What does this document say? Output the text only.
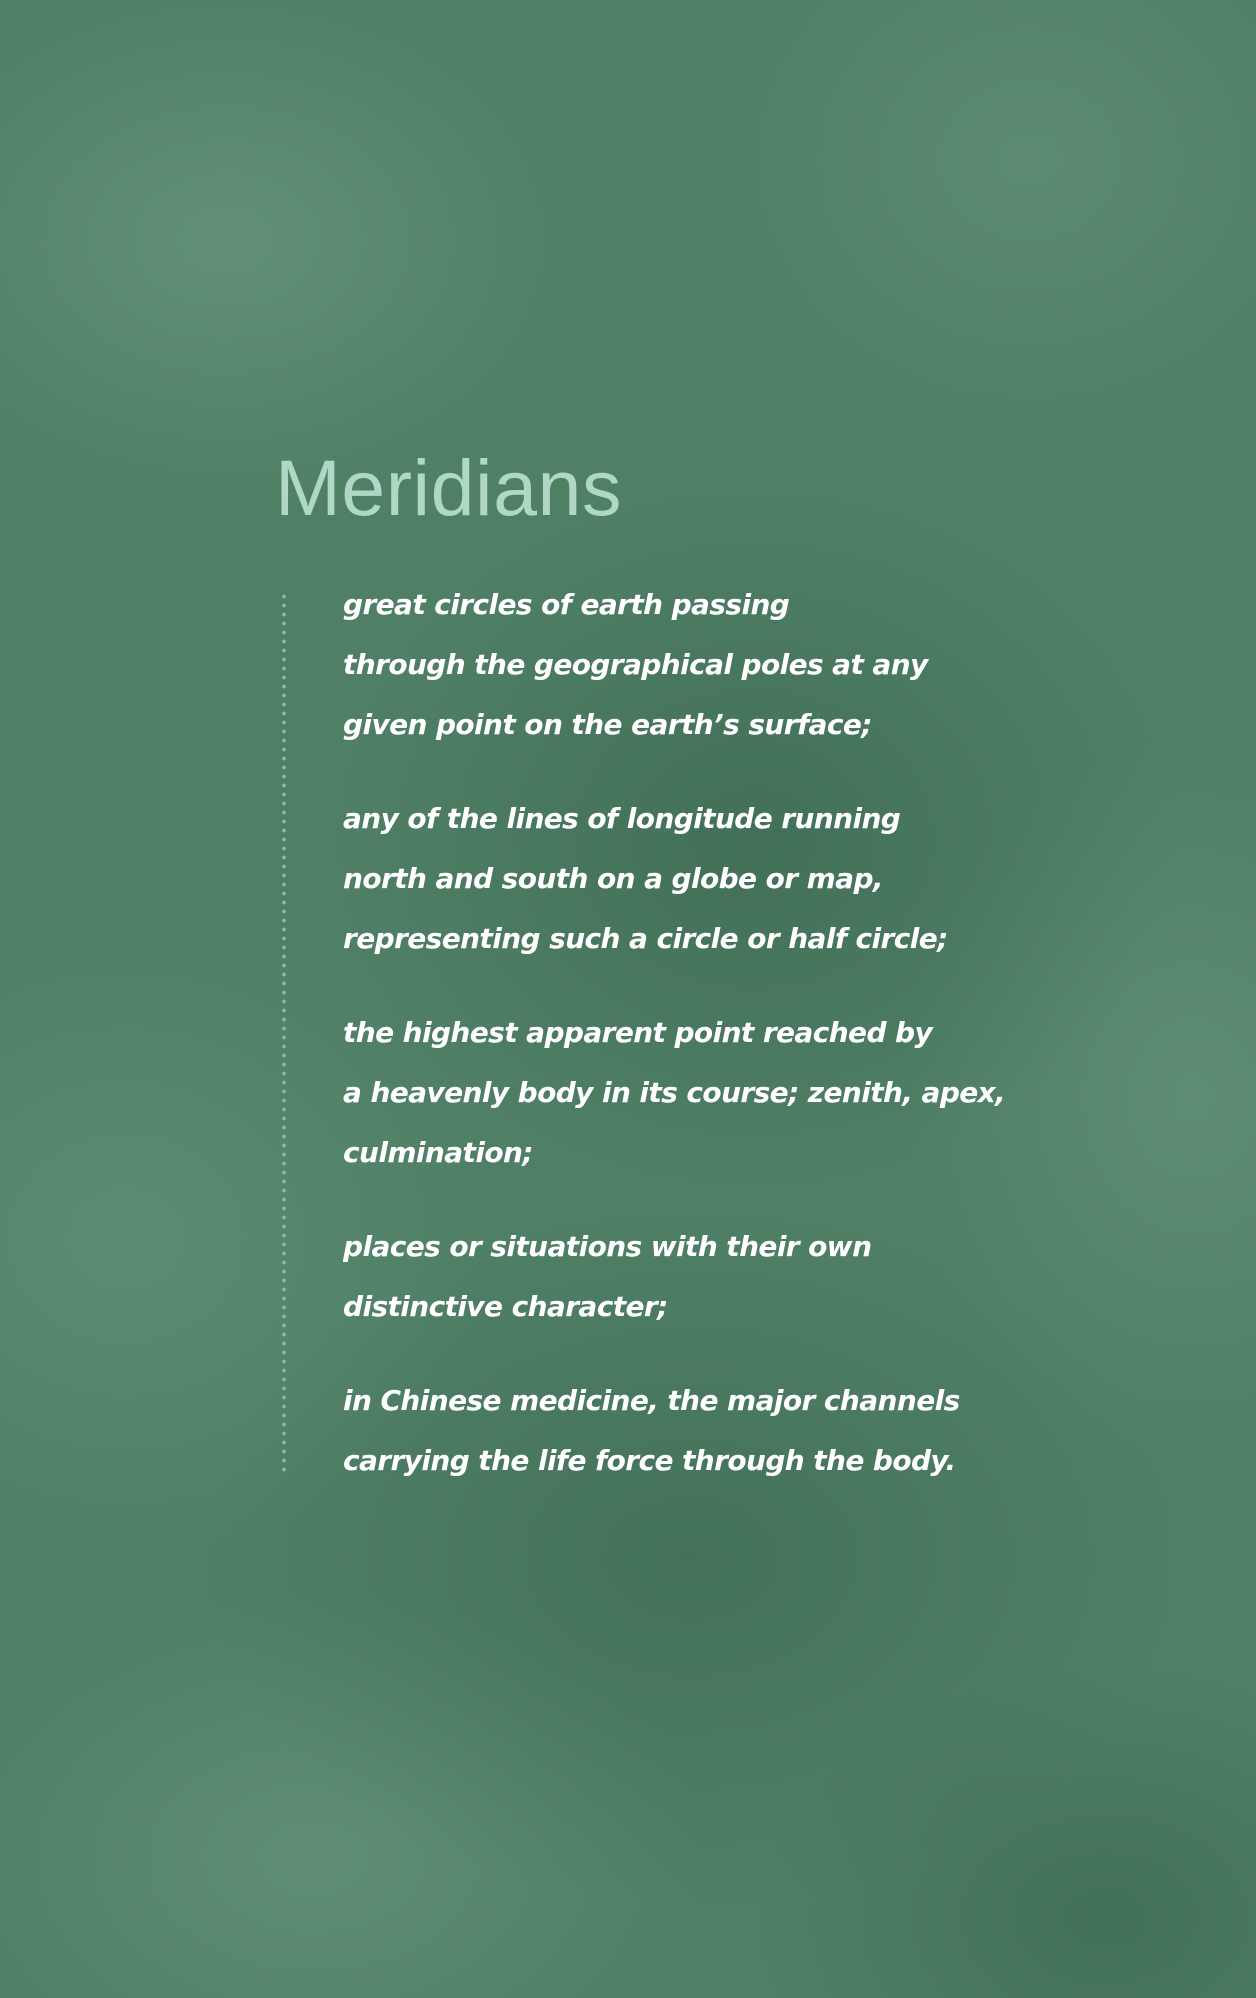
Meridians

great circles of earth passing
through the geographical poles at any
given point on the earth’s surface;

any of the lines of longitude running
north and south on a globe or map,
representing such a circle or half circle;

the highest apparent point reached by
a heavenly body in its course; zenith, apex,
culmination;

places or situations with their own
distinctive character;

in Chinese medicine, the major channels
carrying the life force through the body.
